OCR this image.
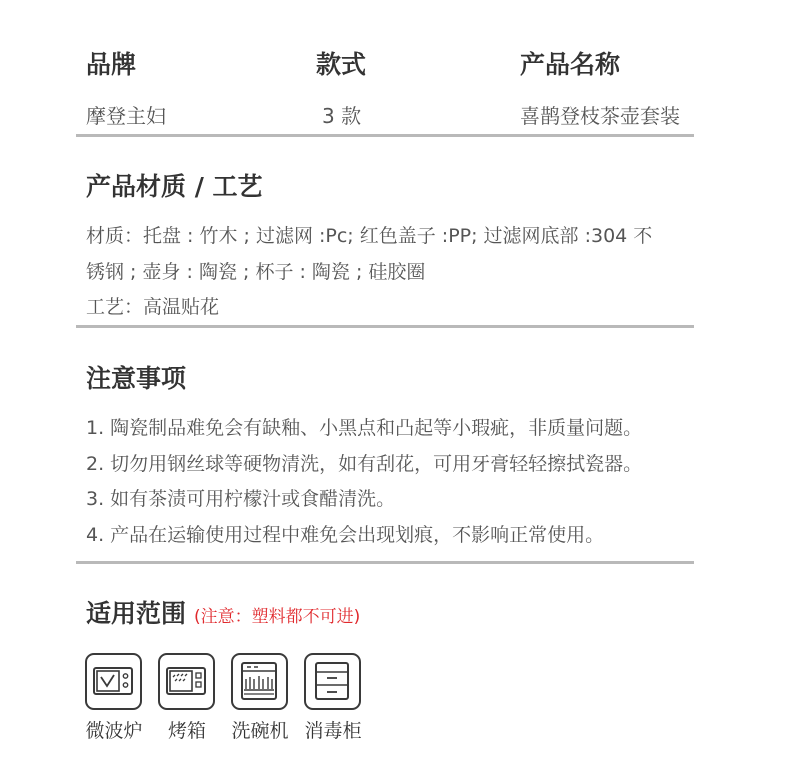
品牌	款式	产品名称
摩登主妇	3 款	喜鹊登枝茶壶套装
产品材质 / 工艺
材质：托盘 : 竹木 ; 过滤网 :Pc; 红色盖子 :PP; 过滤网底部 :304 不
锈钢 ; 壶身 : 陶瓷 ; 杯子 : 陶瓷 ; 硅胶圈
工艺：高温贴花
注意事项
1. 陶瓷制品难免会有缺釉、小黑点和凸起等小瑕疵，非质量问题。
2. 切勿用钢丝球等硬物清洗，如有刮花，可用牙膏轻轻擦拭瓷器。
3. 如有茶渍可用柠檬汁或食醋清洗。
4. 产品在运输使用过程中难免会出现划痕，不影响正常使用。
适用范围 (注意：塑料都不可进)
微波炉	烤箱	洗碗机 消毒柜
